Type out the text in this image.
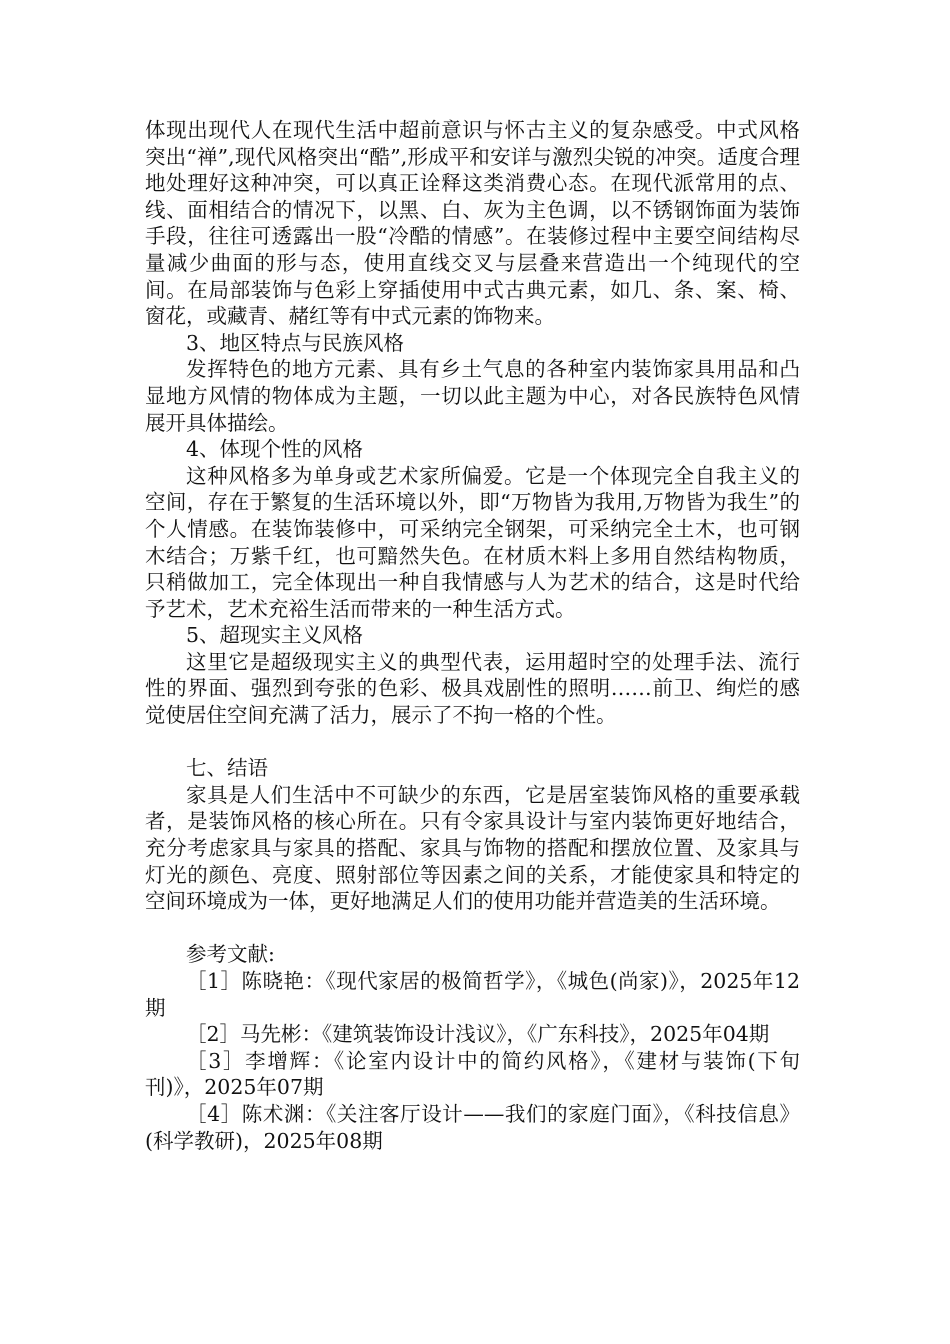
体现出现代人在现代生活中超前意识与怀古主义的复杂感受。中式风格突出“禅”,现代风格突出“酷”,形成平和安详与激烈尖锐的冲突。适度合理地处理好这种冲突，可以真正诠释这类消费心态。在现代派常用的点、线、面相结合的情况下，以黑、白、灰为主色调，以不锈钢饰面为装饰手段，往往可透露出一股“冷酷的情感”。在装修过程中主要空间结构尽量减少曲面的形与态，使用直线交叉与层叠来营造出一个纯现代的空间。在局部装饰与色彩上穿插使用中式古典元素，如几、条、案、椅、窗花，或藏青、赭红等有中式元素的饰物来。

3、地区特点与民族风格

发挥特色的地方元素、具有乡土气息的各种室内装饰家具用品和凸显地方风情的物体成为主题，一切以此主题为中心，对各民族特色风情展开具体描绘。

4、体现个性的风格

这种风格多为单身或艺术家所偏爱。它是一个体现完全自我主义的空间，存在于繁复的生活环境以外，即“万物皆为我用,万物皆为我生”的个人情感。在装饰装修中，可采纳完全钢架，可采纳完全土木，也可钢木结合；万紫千红，也可黯然失色。在材质木料上多用自然结构物质，只稍做加工，完全体现出一种自我情感与人为艺术的结合，这是时代给予艺术，艺术充裕生活而带来的一种生活方式。

5、超现实主义风格

这里它是超级现实主义的典型代表，运用超时空的处理手法、流行性的界面、强烈到夸张的色彩、极具戏剧性的照明……前卫、绚烂的感觉使居住空间充满了活力，展示了不拘一格的个性。

七、结语

家具是人们生活中不可缺少的东西，它是居室装饰风格的重要承载者，是装饰风格的核心所在。只有令家具设计与室内装饰更好地结合，充分考虑家具与家具的搭配、家具与饰物的搭配和摆放位置、及家具与灯光的颜色、亮度、照射部位等因素之间的关系，才能使家具和特定的空间环境成为一体，更好地满足人们的使用功能并营造美的生活环境。

参考文献:

［1］陈晓艳：《现代家居的极简哲学》，《城色(尚家)》，2025年12期

［2］马先彬：《建筑装饰设计浅议》，《广东科技》，2025年04期

［3］李增辉：《论室内设计中的简约风格》，《建材与装饰(下旬刊)》，2025年07期

［4］陈术渊：《关注客厅设计——我们的家庭门面》，《科技信息》(科学教研)，2025年08期
